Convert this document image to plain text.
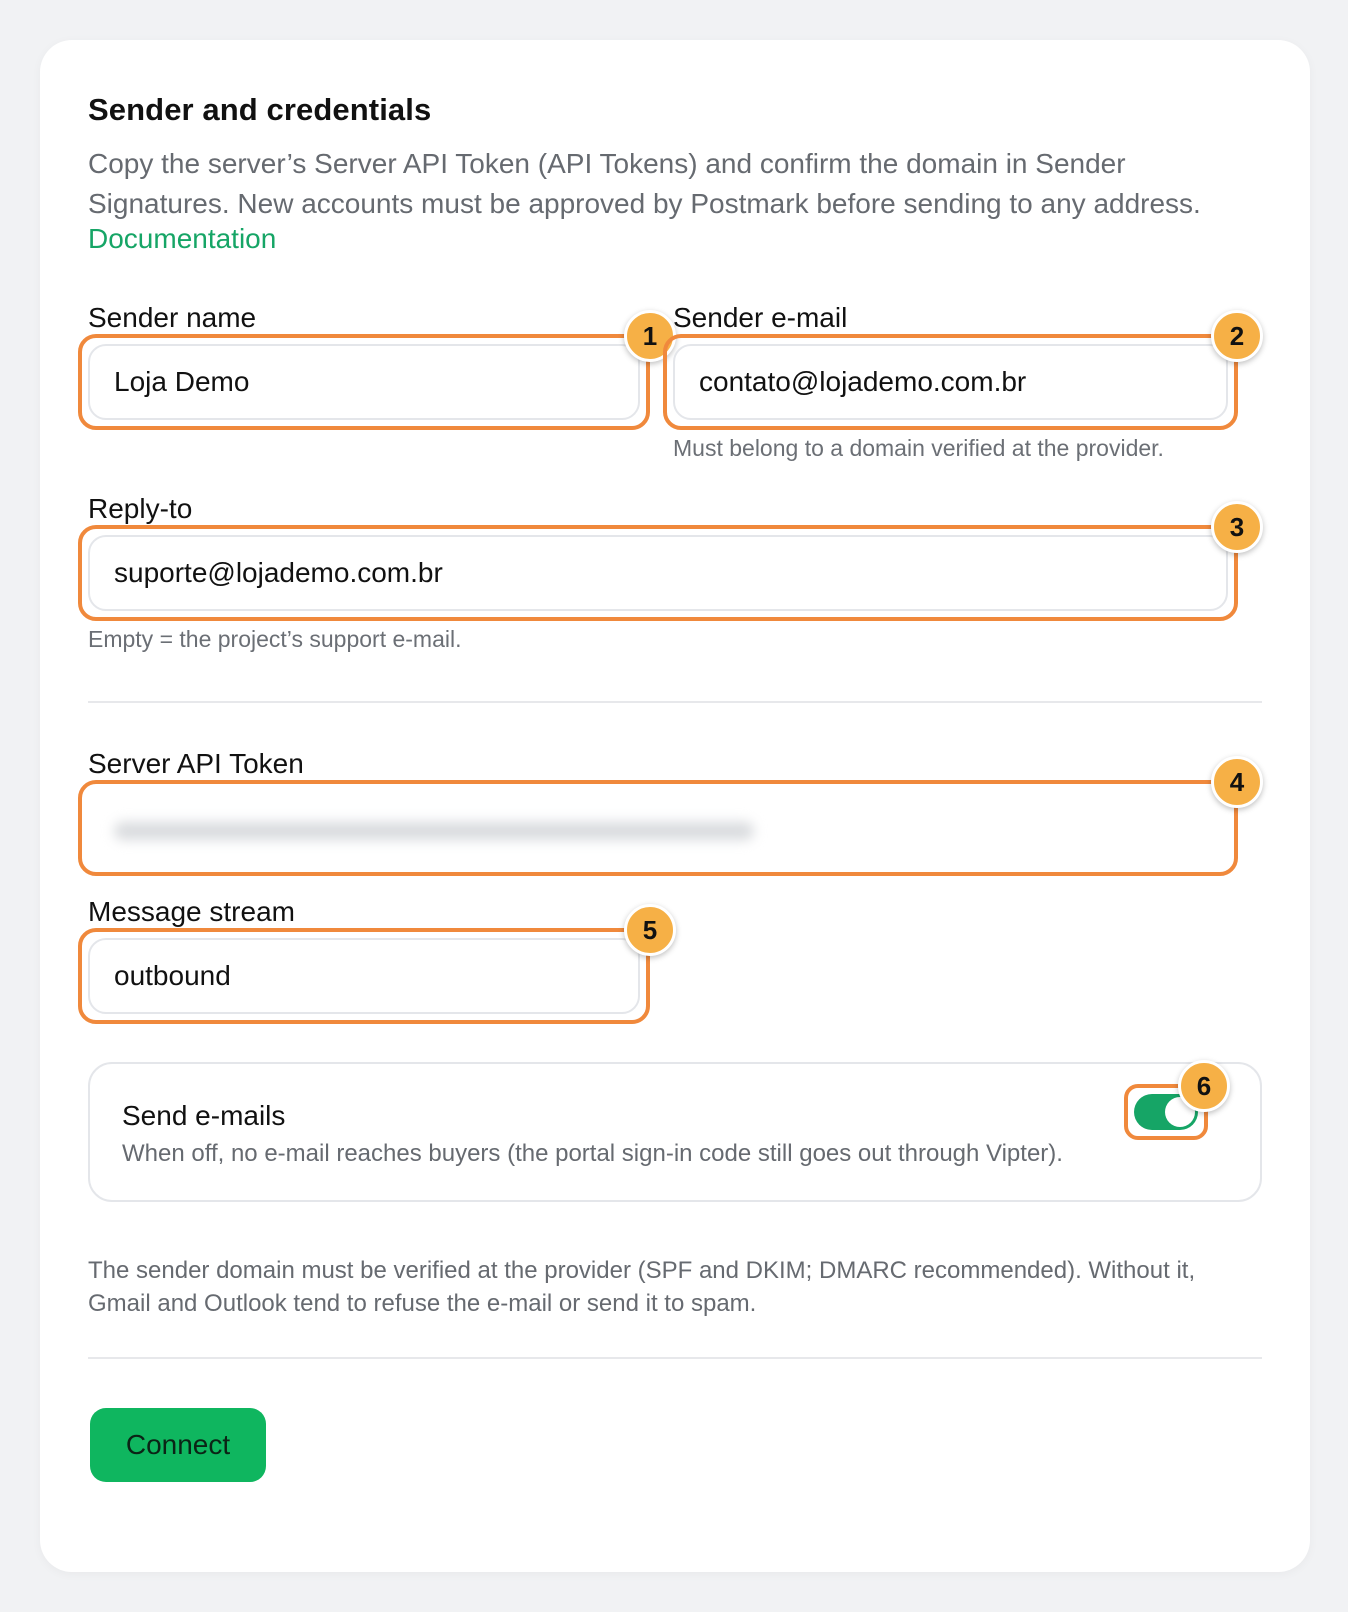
Sender and credentials
Copy the server’s Server API Token (API Tokens) and confirm the domain in Sender Signatures. New accounts must be approved by Postmark before sending to any address.
Documentation
Sender name
Loja Demo
1
Sender e-mail
contato@lojademo.com.br
2
Must belong to a domain verified at the provider.
Reply-to
suporte@lojademo.com.br
3
Empty = the project’s support e-mail.
Server API Token
4
Message stream
outbound
5
Send e-mails
When off, no e-mail reaches buyers (the portal sign-in code still goes out through Vipter).
6
The sender domain must be verified at the provider (SPF and DKIM; DMARC recommended). Without it, Gmail and Outlook tend to refuse the e-mail or send it to spam.
Connect
